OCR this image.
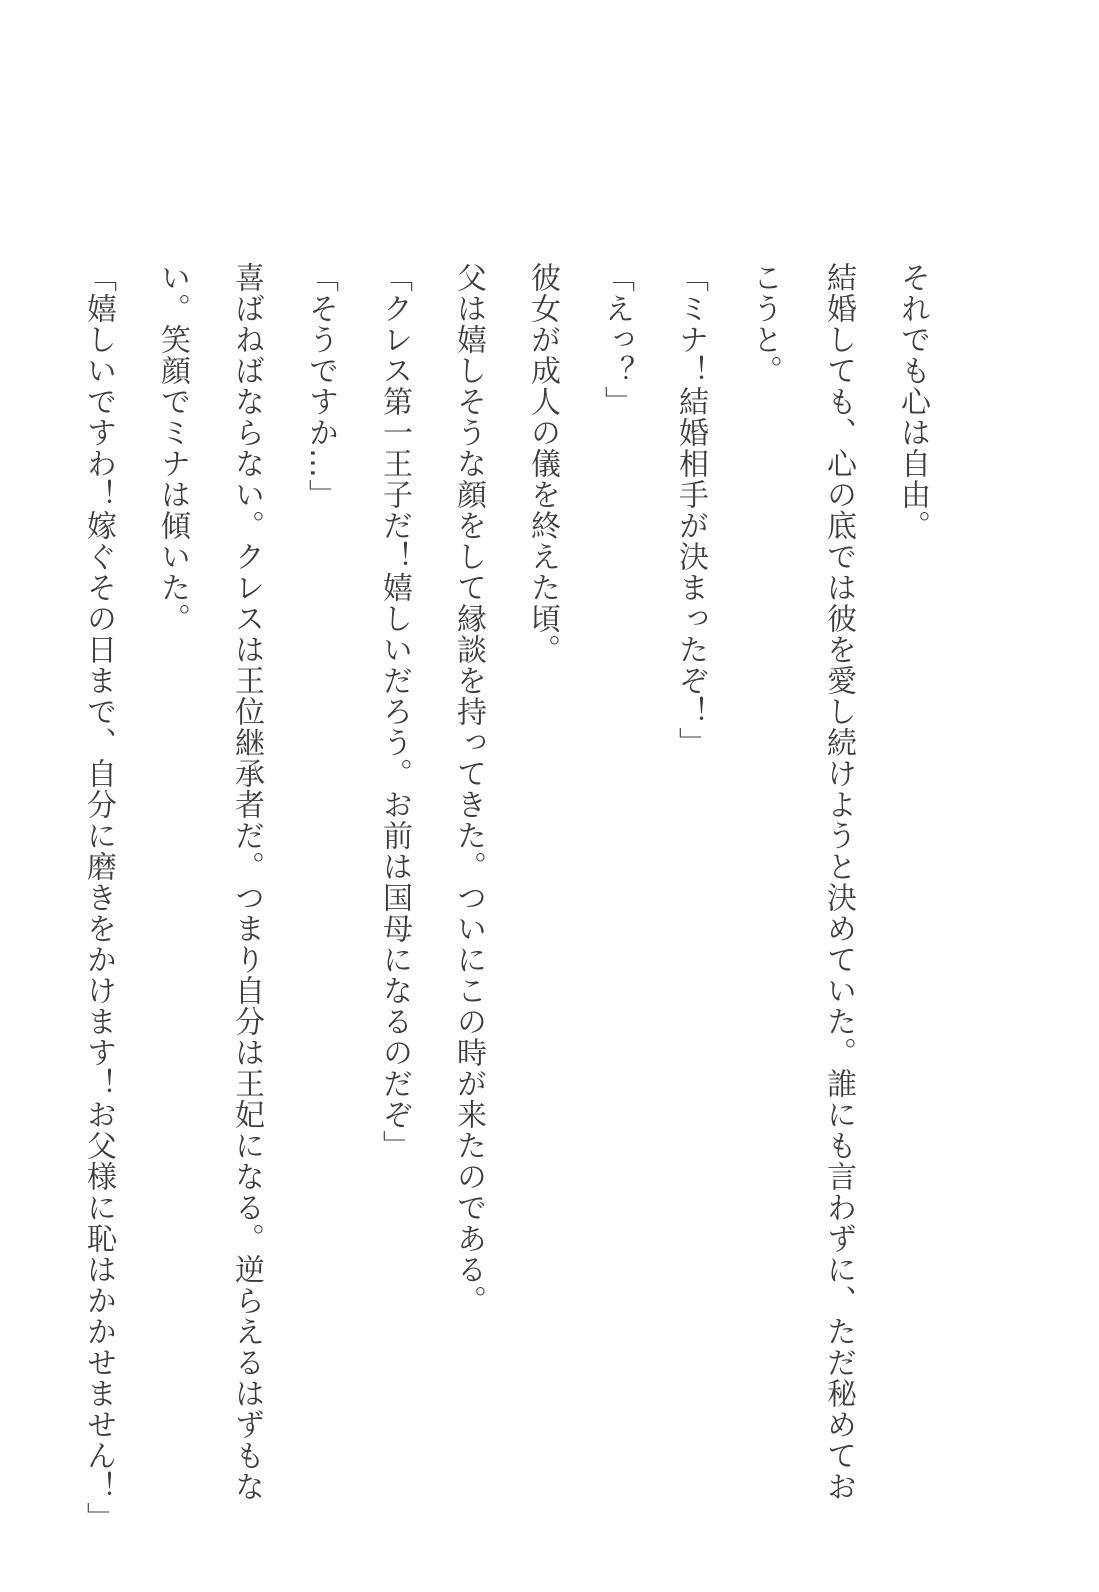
それでも心は自由。
結婚しても、心の底では彼を愛し続けようと決めていた。誰にも言わずに、ただ秘めてお
こうと。
「ミナ！結婚相手が決まったぞ！」
「えっ？」
彼女が成人の儀を終えた頃。
父は嬉しそうな顔をして縁談を持ってきた。ついにこの時が来たのである。
「クレス第一王子だ！嬉しいだろう。お前は国母になるのだぞ」
「そうですか…」
喜ばねばならない。クレスは王位継承者だ。つまり自分は王妃になる。逆らえるはずもな
い。笑顔でミナは傾いた。
「嬉しいですわ！嫁ぐその日まで、自分に磨きをかけます！お父様に恥はかかせません！」
